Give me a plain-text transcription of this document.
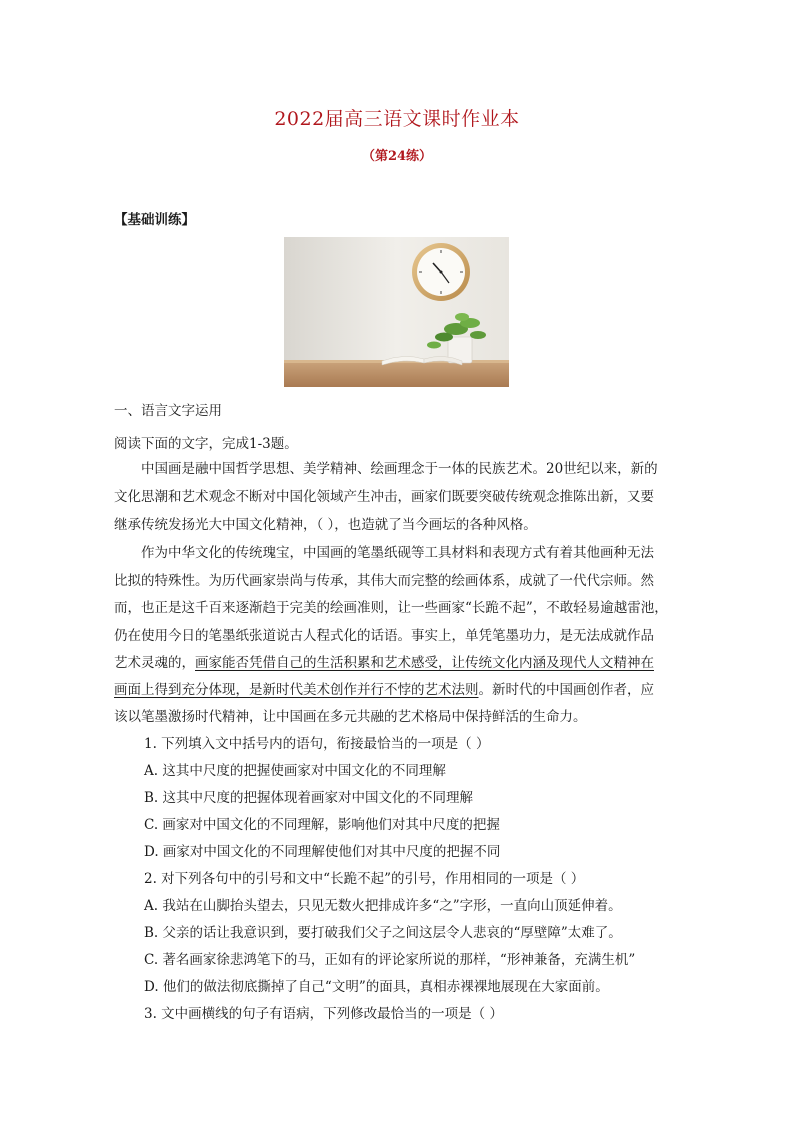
2022届高三语文课时作业本
（第24练）
【基础训练】
一、语言文字运用
阅读下面的文字，完成1-3题。
中国画是融中国哲学思想、美学精神、绘画理念于一体的民族艺术。20世纪以来，新的
文化思潮和艺术观念不断对中国化领域产生冲击，画家们既要突破传统观念推陈出新，又要
继承传统发扬光大中国文化精神，（ ），也造就了当今画坛的各种风格。
作为中华文化的传统瑰宝，中国画的笔墨纸砚等工具材料和表现方式有着其他画种无法
比拟的特殊性。为历代画家崇尚与传承，其伟大而完整的绘画体系，成就了一代代宗师。然
而，也正是这千百来逐渐趋于完美的绘画准则，让一些画家“长跪不起”，不敢轻易逾越雷池，
仍在使用今日的笔墨纸张道说古人程式化的话语。事实上，单凭笔墨功力，是无法成就作品
艺术灵魂的，画家能否凭借自己的生活积累和艺术感受，让传统文化内涵及现代人文精神在
画面上得到充分体现，是新时代美术创作并行不悖的艺术法则。新时代的中国画创作者，应
该以笔墨激扬时代精神，让中国画在多元共融的艺术格局中保持鲜活的生命力。
1. 下列填入文中括号内的语句，衔接最恰当的一项是（ ）
A. 这其中尺度的把握使画家对中国文化的不同理解
B. 这其中尺度的把握体现着画家对中国文化的不同理解
C. 画家对中国文化的不同理解，影响他们对其中尺度的把握
D. 画家对中国文化的不同理解使他们对其中尺度的把握不同
2. 对下列各句中的引号和文中“长跪不起”的引号，作用相同的一项是（ ）
A. 我站在山脚抬头望去，只见无数火把排成许多“之”字形，一直向山顶延伸着。
B. 父亲的话让我意识到，要打破我们父子之间这层令人悲哀的“厚壁障”太难了。
C. 著名画家徐悲鸿笔下的马，正如有的评论家所说的那样，“形神兼备，充满生机”
D. 他们的做法彻底撕掉了自己“文明”的面具，真相赤裸裸地展现在大家面前。
3. 文中画横线的句子有语病，下列修改最恰当的一项是（ ）
